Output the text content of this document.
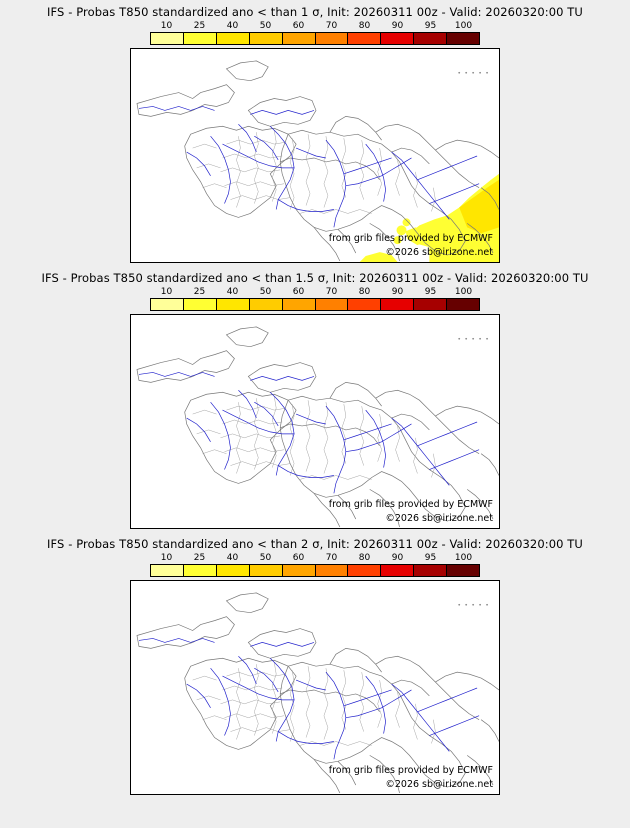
IFS - Probas T850 standardized ano < than 1 σ, Init: 20260311 00z - Valid: 20260320:00 TU
10 25 40 50 60 70 80 90 95 100
from grib files provided by ECMWF
©2026 sb@irizone.net
IFS - Probas T850 standardized ano < than 1.5 σ, Init: 20260311 00z - Valid: 20260320:00 TU
10 25 40 50 60 70 80 90 95 100
from grib files provided by ECMWF
©2026 sb@irizone.net
IFS - Probas T850 standardized ano < than 2 σ, Init: 20260311 00z - Valid: 20260320:00 TU
10 25 40 50 60 70 80 90 95 100
from grib files provided by ECMWF
©2026 sb@irizone.net
